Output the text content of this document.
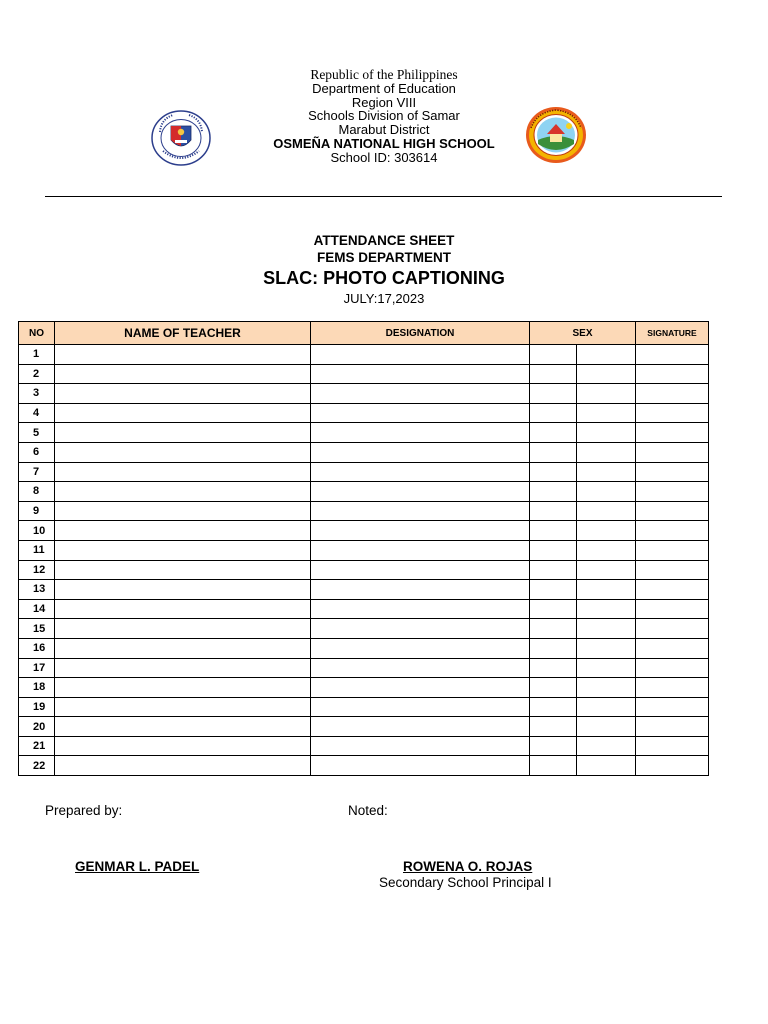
Republic of the Philippines
Department of Education
Region VIII
Schools Division of Samar
Marabut District
OSMEÑA NATIONAL HIGH SCHOOL
School ID: 303614
ATTENDANCE SHEET
FEMS DEPARTMENT
SLAC: PHOTO CAPTIONING
JULY:17,2023
NO	NAME OF TEACHER	DESIGNATION	SEX		SIGNATURE
1					
2					
3					
4					
5					
6					
7					
8					
9					
10					
11					
12					
13					
14					
15					
16					
17					
18					
19					
20					
21					
22					
Prepared by:	Noted:
GENMAR L. PADEL	ROWENA O. ROJAS
Secondary School Principal I
